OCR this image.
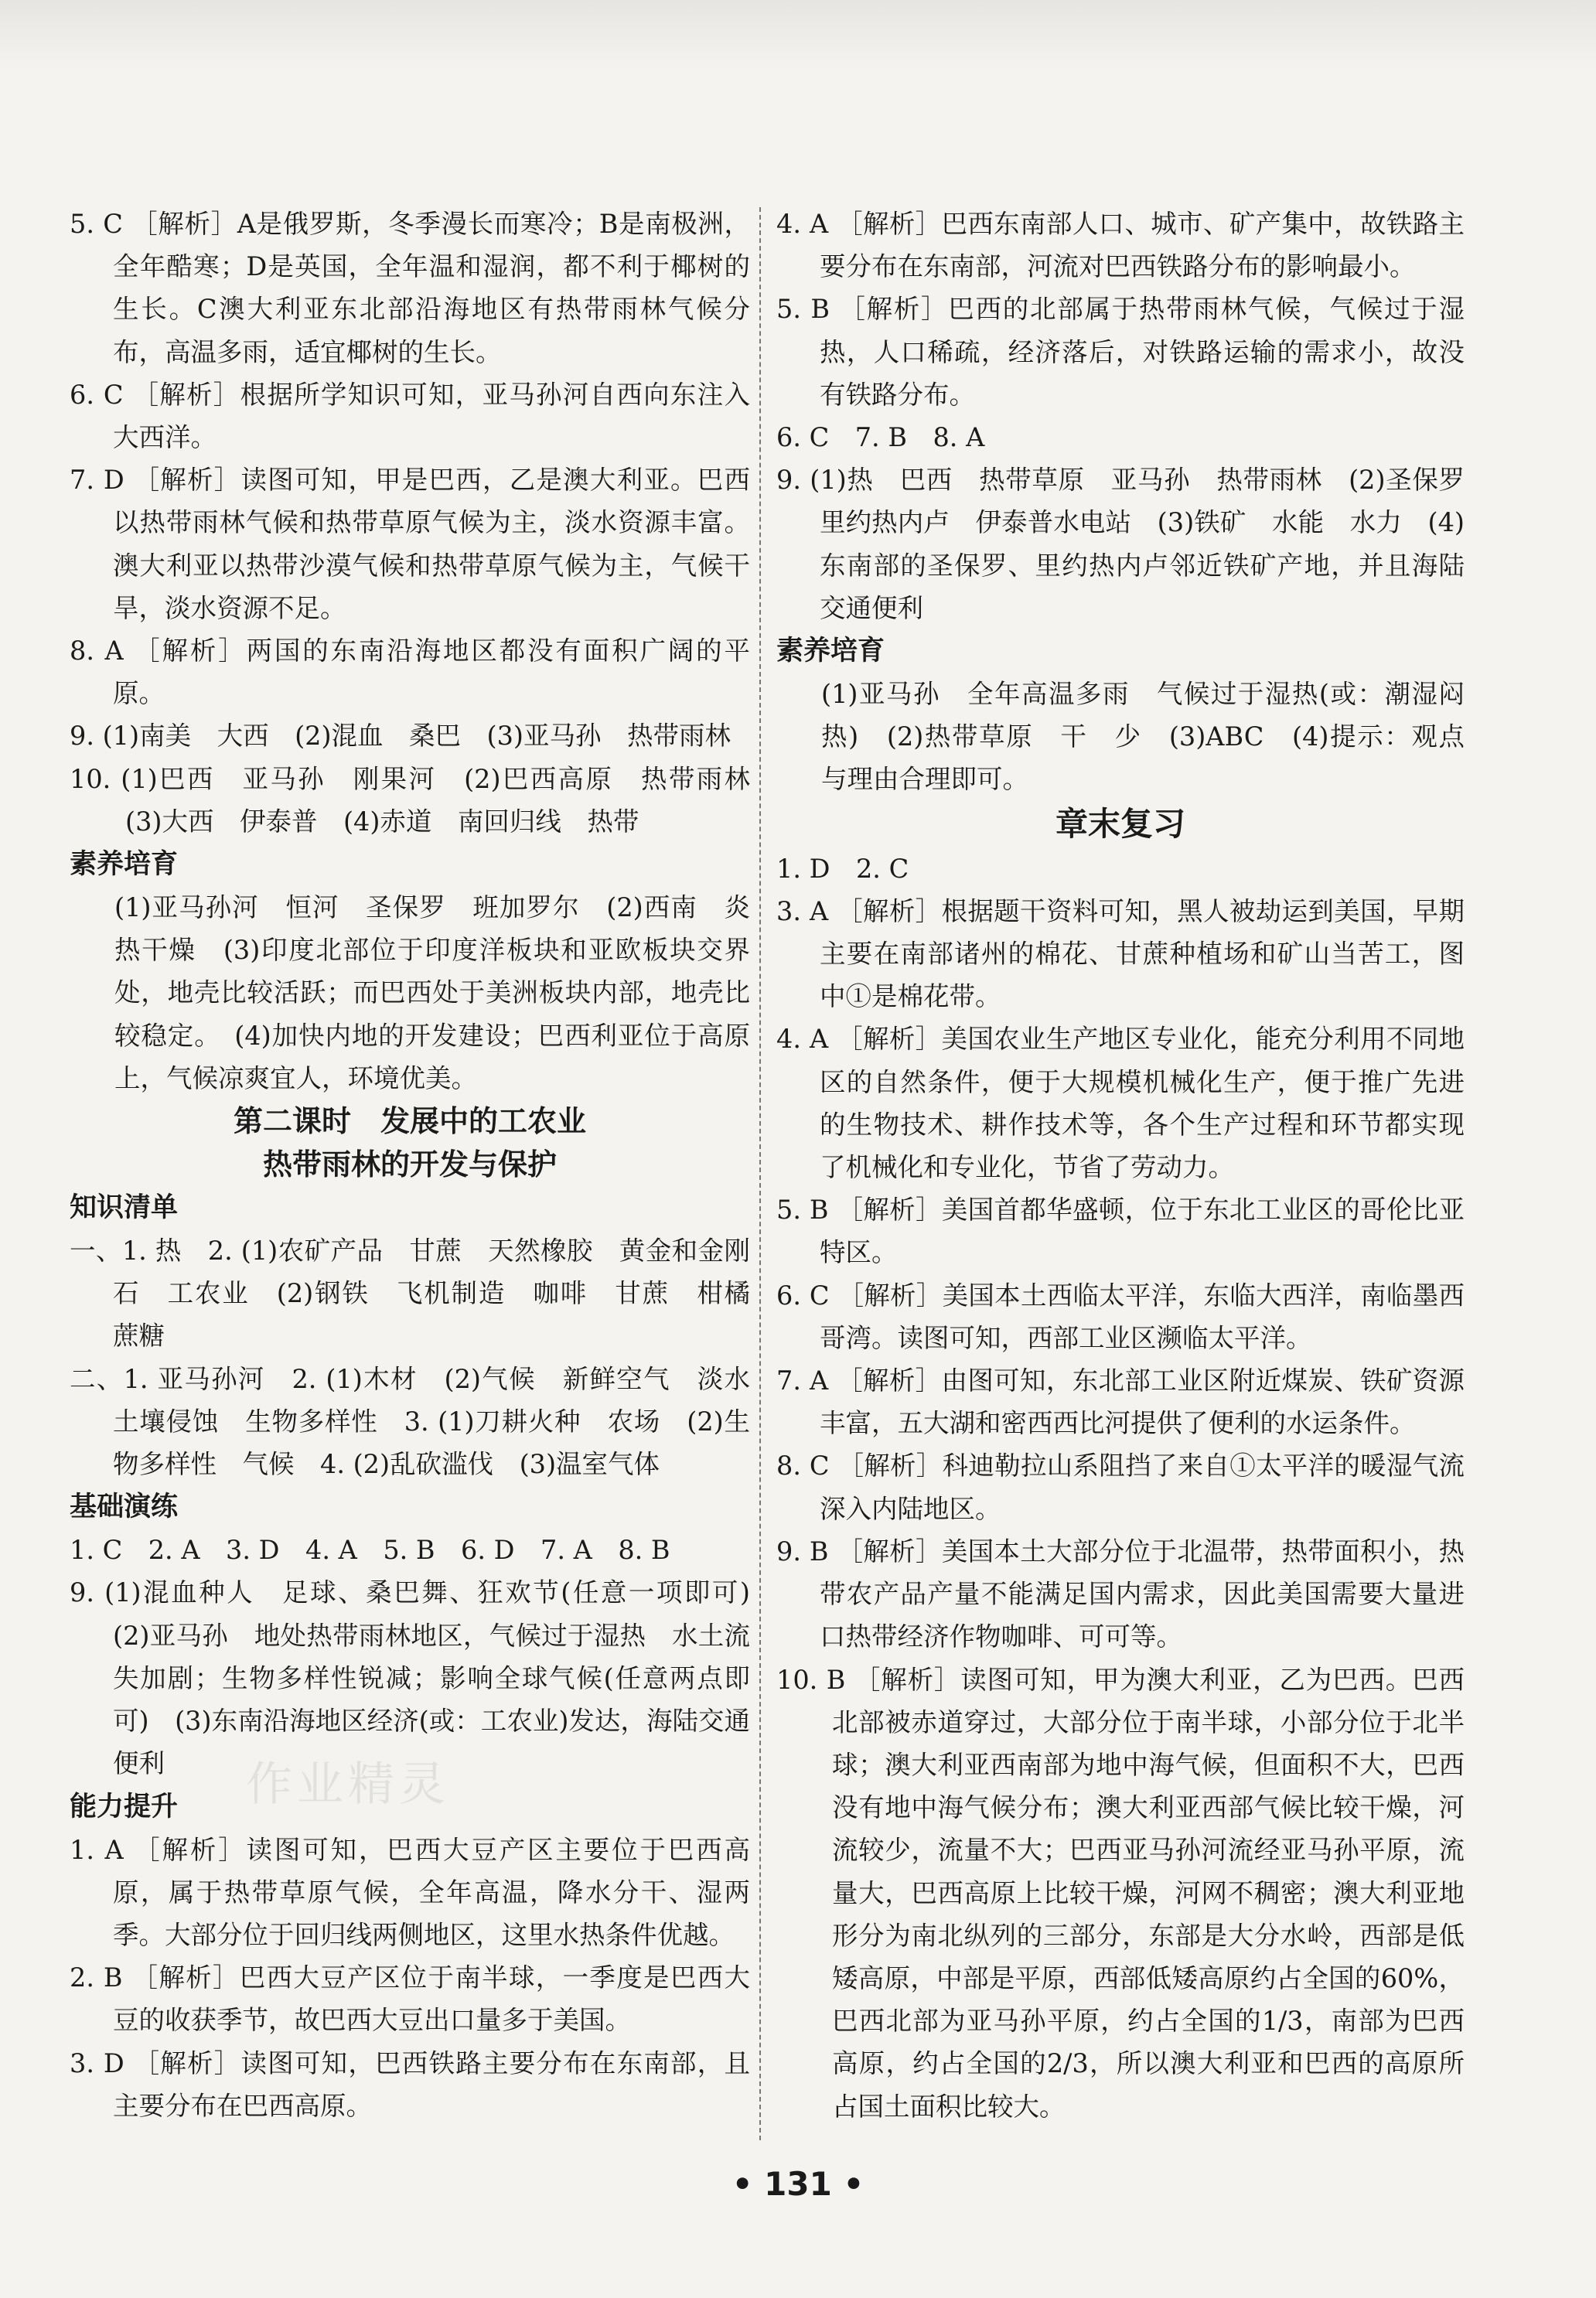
5. C ［解析］A是俄罗斯，冬季漫长而寒冷；B是南极洲，全年酷寒；D是英国，全年温和湿润，都不利于椰树的生长。C澳大利亚东北部沿海地区有热带雨林气候分布，高温多雨，适宜椰树的生长。

6. C ［解析］根据所学知识可知，亚马孙河自西向东注入大西洋。

7. D ［解析］读图可知，甲是巴西，乙是澳大利亚。巴西以热带雨林气候和热带草原气候为主，淡水资源丰富。澳大利亚以热带沙漠气候和热带草原气候为主，气候干旱，淡水资源不足。

8. A ［解析］两国的东南沿海地区都没有面积广阔的平原。

9. (1)南美　大西　(2)混血　桑巴　(3)亚马孙　热带雨林

10. (1)巴西　亚马孙　刚果河　(2)巴西高原　热带雨林　(3)大西　伊泰普　(4)赤道　南回归线　热带

素养培育

(1)亚马孙河　恒河　圣保罗　班加罗尔　(2)西南　炎热干燥　(3)印度北部位于印度洋板块和亚欧板块交界处，地壳比较活跃；而巴西处于美洲板块内部，地壳比较稳定。　(4)加快内地的开发建设；巴西利亚位于高原上，气候凉爽宜人，环境优美。

第二课时　发展中的工农业

热带雨林的开发与保护

知识清单

一、1. 热　2. (1)农矿产品　甘蔗　天然橡胶　黄金和金刚石　工农业　(2)钢铁　飞机制造　咖啡　甘蔗　柑橘　蔗糖

二、1. 亚马孙河　2. (1)木材　(2)气候　新鲜空气　淡水　土壤侵蚀　生物多样性　3. (1)刀耕火种　农场　(2)生物多样性　气候　4. (2)乱砍滥伐　(3)温室气体

基础演练

1. C　2. A　3. D　4. A　5. B　6. D　7. A　8. B

9. (1)混血种人　足球、桑巴舞、狂欢节(任意一项即可)　(2)亚马孙　地处热带雨林地区，气候过于湿热　水土流失加剧；生物多样性锐减；影响全球气候(任意两点即可)　(3)东南沿海地区经济(或：工农业)发达，海陆交通便利

能力提升

1. A ［解析］读图可知，巴西大豆产区主要位于巴西高原，属于热带草原气候，全年高温，降水分干、湿两季。大部分位于回归线两侧地区，这里水热条件优越。

2. B ［解析］巴西大豆产区位于南半球，一季度是巴西大豆的收获季节，故巴西大豆出口量多于美国。

3. D ［解析］读图可知，巴西铁路主要分布在东南部，且主要分布在巴西高原。

4. A ［解析］巴西东南部人口、城市、矿产集中，故铁路主要分布在东南部，河流对巴西铁路分布的影响最小。

5. B ［解析］巴西的北部属于热带雨林气候，气候过于湿热，人口稀疏，经济落后，对铁路运输的需求小，故没有铁路分布。

6. C　7. B　8. A

9. (1)热　巴西　热带草原　亚马孙　热带雨林　(2)圣保罗　里约热内卢　伊泰普水电站　(3)铁矿　水能　水力　(4)东南部的圣保罗、里约热内卢邻近铁矿产地，并且海陆交通便利

素养培育

(1)亚马孙　全年高温多雨　气候过于湿热(或：潮湿闷热)　(2)热带草原　干　少　(3)ABC　(4)提示：观点与理由合理即可。

章末复习

1. D　2. C

3. A ［解析］根据题干资料可知，黑人被劫运到美国，早期主要在南部诸州的棉花、甘蔗种植场和矿山当苦工，图中①是棉花带。

4. A ［解析］美国农业生产地区专业化，能充分利用不同地区的自然条件，便于大规模机械化生产，便于推广先进的生物技术、耕作技术等，各个生产过程和环节都实现了机械化和专业化，节省了劳动力。

5. B ［解析］美国首都华盛顿，位于东北工业区的哥伦比亚特区。

6. C ［解析］美国本土西临太平洋，东临大西洋，南临墨西哥湾。读图可知，西部工业区濒临太平洋。

7. A ［解析］由图可知，东北部工业区附近煤炭、铁矿资源丰富，五大湖和密西西比河提供了便利的水运条件。

8. C ［解析］科迪勒拉山系阻挡了来自①太平洋的暖湿气流深入内陆地区。

9. B ［解析］美国本土大部分位于北温带，热带面积小，热带农产品产量不能满足国内需求，因此美国需要大量进口热带经济作物咖啡、可可等。

10. B ［解析］读图可知，甲为澳大利亚，乙为巴西。巴西北部被赤道穿过，大部分位于南半球，小部分位于北半球；澳大利亚西南部为地中海气候，但面积不大，巴西没有地中海气候分布；澳大利亚西部气候比较干燥，河流较少，流量不大；巴西亚马孙河流经亚马孙平原，流量大，巴西高原上比较干燥，河网不稠密；澳大利亚地形分为南北纵列的三部分，东部是大分水岭，西部是低矮高原，中部是平原，西部低矮高原约占全国的60%，巴西北部为亚马孙平原，约占全国的1/3，南部为巴西高原，约占全国的2/3，所以澳大利亚和巴西的高原所占国土面积比较大。

作业精灵
• 131 •
